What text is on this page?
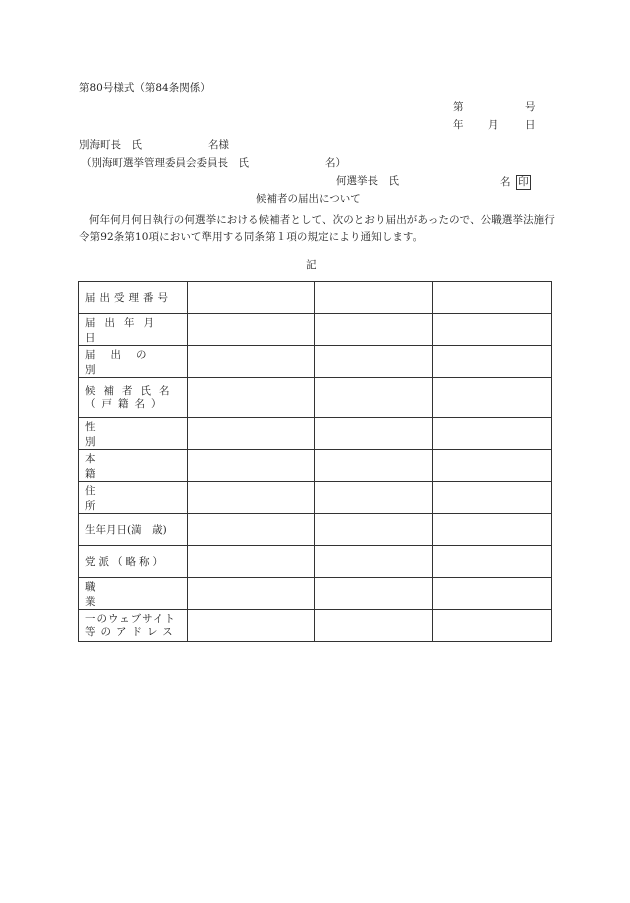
第80号様式（第84条関係）
第	号
年 月	日
別海町長　氏	名様
（別海町選挙管理委員会委員長　氏	名）
何選挙長　氏	名 印
候補者の届出について
何年何月何日執行の何選挙における候補者として、次のとおり届出があったので、公職選挙法施行令第92条第10項において準用する同条第１項の規定により通知します。
記
届出受理番号			

届出年月日			

届出の別			

候補者氏名
（戸籍名）			

性別			

本籍			

住所			

生年月日(満　歳)			

党派（略称）			

職業			

一のウェブサイト
等のアドレス			
